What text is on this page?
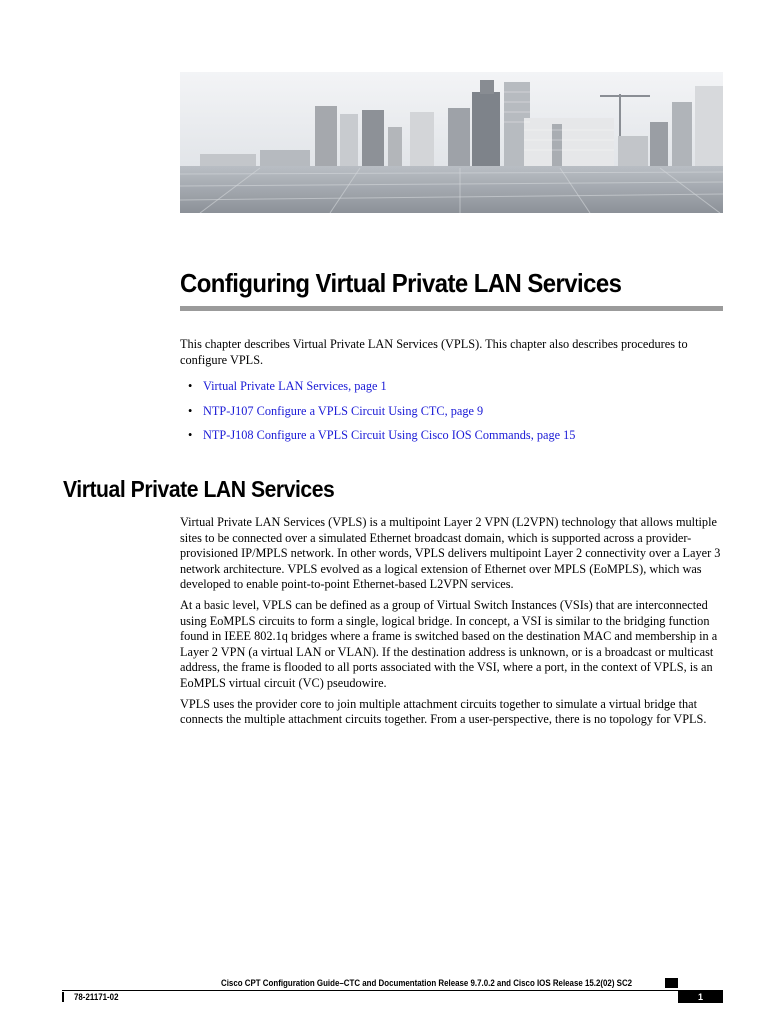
Configuring Virtual Private LAN Services

This chapter describes Virtual Private LAN Services (VPLS). This chapter also describes procedures to configure VPLS.

• Virtual Private LAN Services, page 1
• NTP-J107 Configure a VPLS Circuit Using CTC, page 9
• NTP-J108 Configure a VPLS Circuit Using Cisco IOS Commands, page 15
Virtual Private LAN Services

Virtual Private LAN Services (VPLS) is a multipoint Layer 2 VPN (L2VPN) technology that allows multiple sites to be connected over a simulated Ethernet broadcast domain, which is supported across a provider-provisioned IP/MPLS network. In other words, VPLS delivers multipoint Layer 2 connectivity over a Layer 3 network architecture. VPLS evolved as a logical extension of Ethernet over MPLS (EoMPLS), which was developed to enable point-to-point Ethernet-based L2VPN services.

At a basic level, VPLS can be defined as a group of Virtual Switch Instances (VSIs) that are interconnected using EoMPLS circuits to form a single, logical bridge. In concept, a VSI is similar to the bridging function found in IEEE 802.1q bridges where a frame is switched based on the destination MAC and membership in a Layer 2 VPN (a virtual LAN or VLAN). If the destination address is unknown, or is a broadcast or multicast address, the frame is flooded to all ports associated with the VSI, where a port, in the context of VPLS, is an EoMPLS virtual circuit (VC) pseudowire.

VPLS uses the provider core to join multiple attachment circuits together to simulate a virtual bridge that connects the multiple attachment circuits together. From a user-perspective, there is no topology for VPLS.

Cisco CPT Configuration Guide–CTC and Documentation Release 9.7.0.2 and Cisco IOS Release 15.2(02) SC2
78-21171-02	1
